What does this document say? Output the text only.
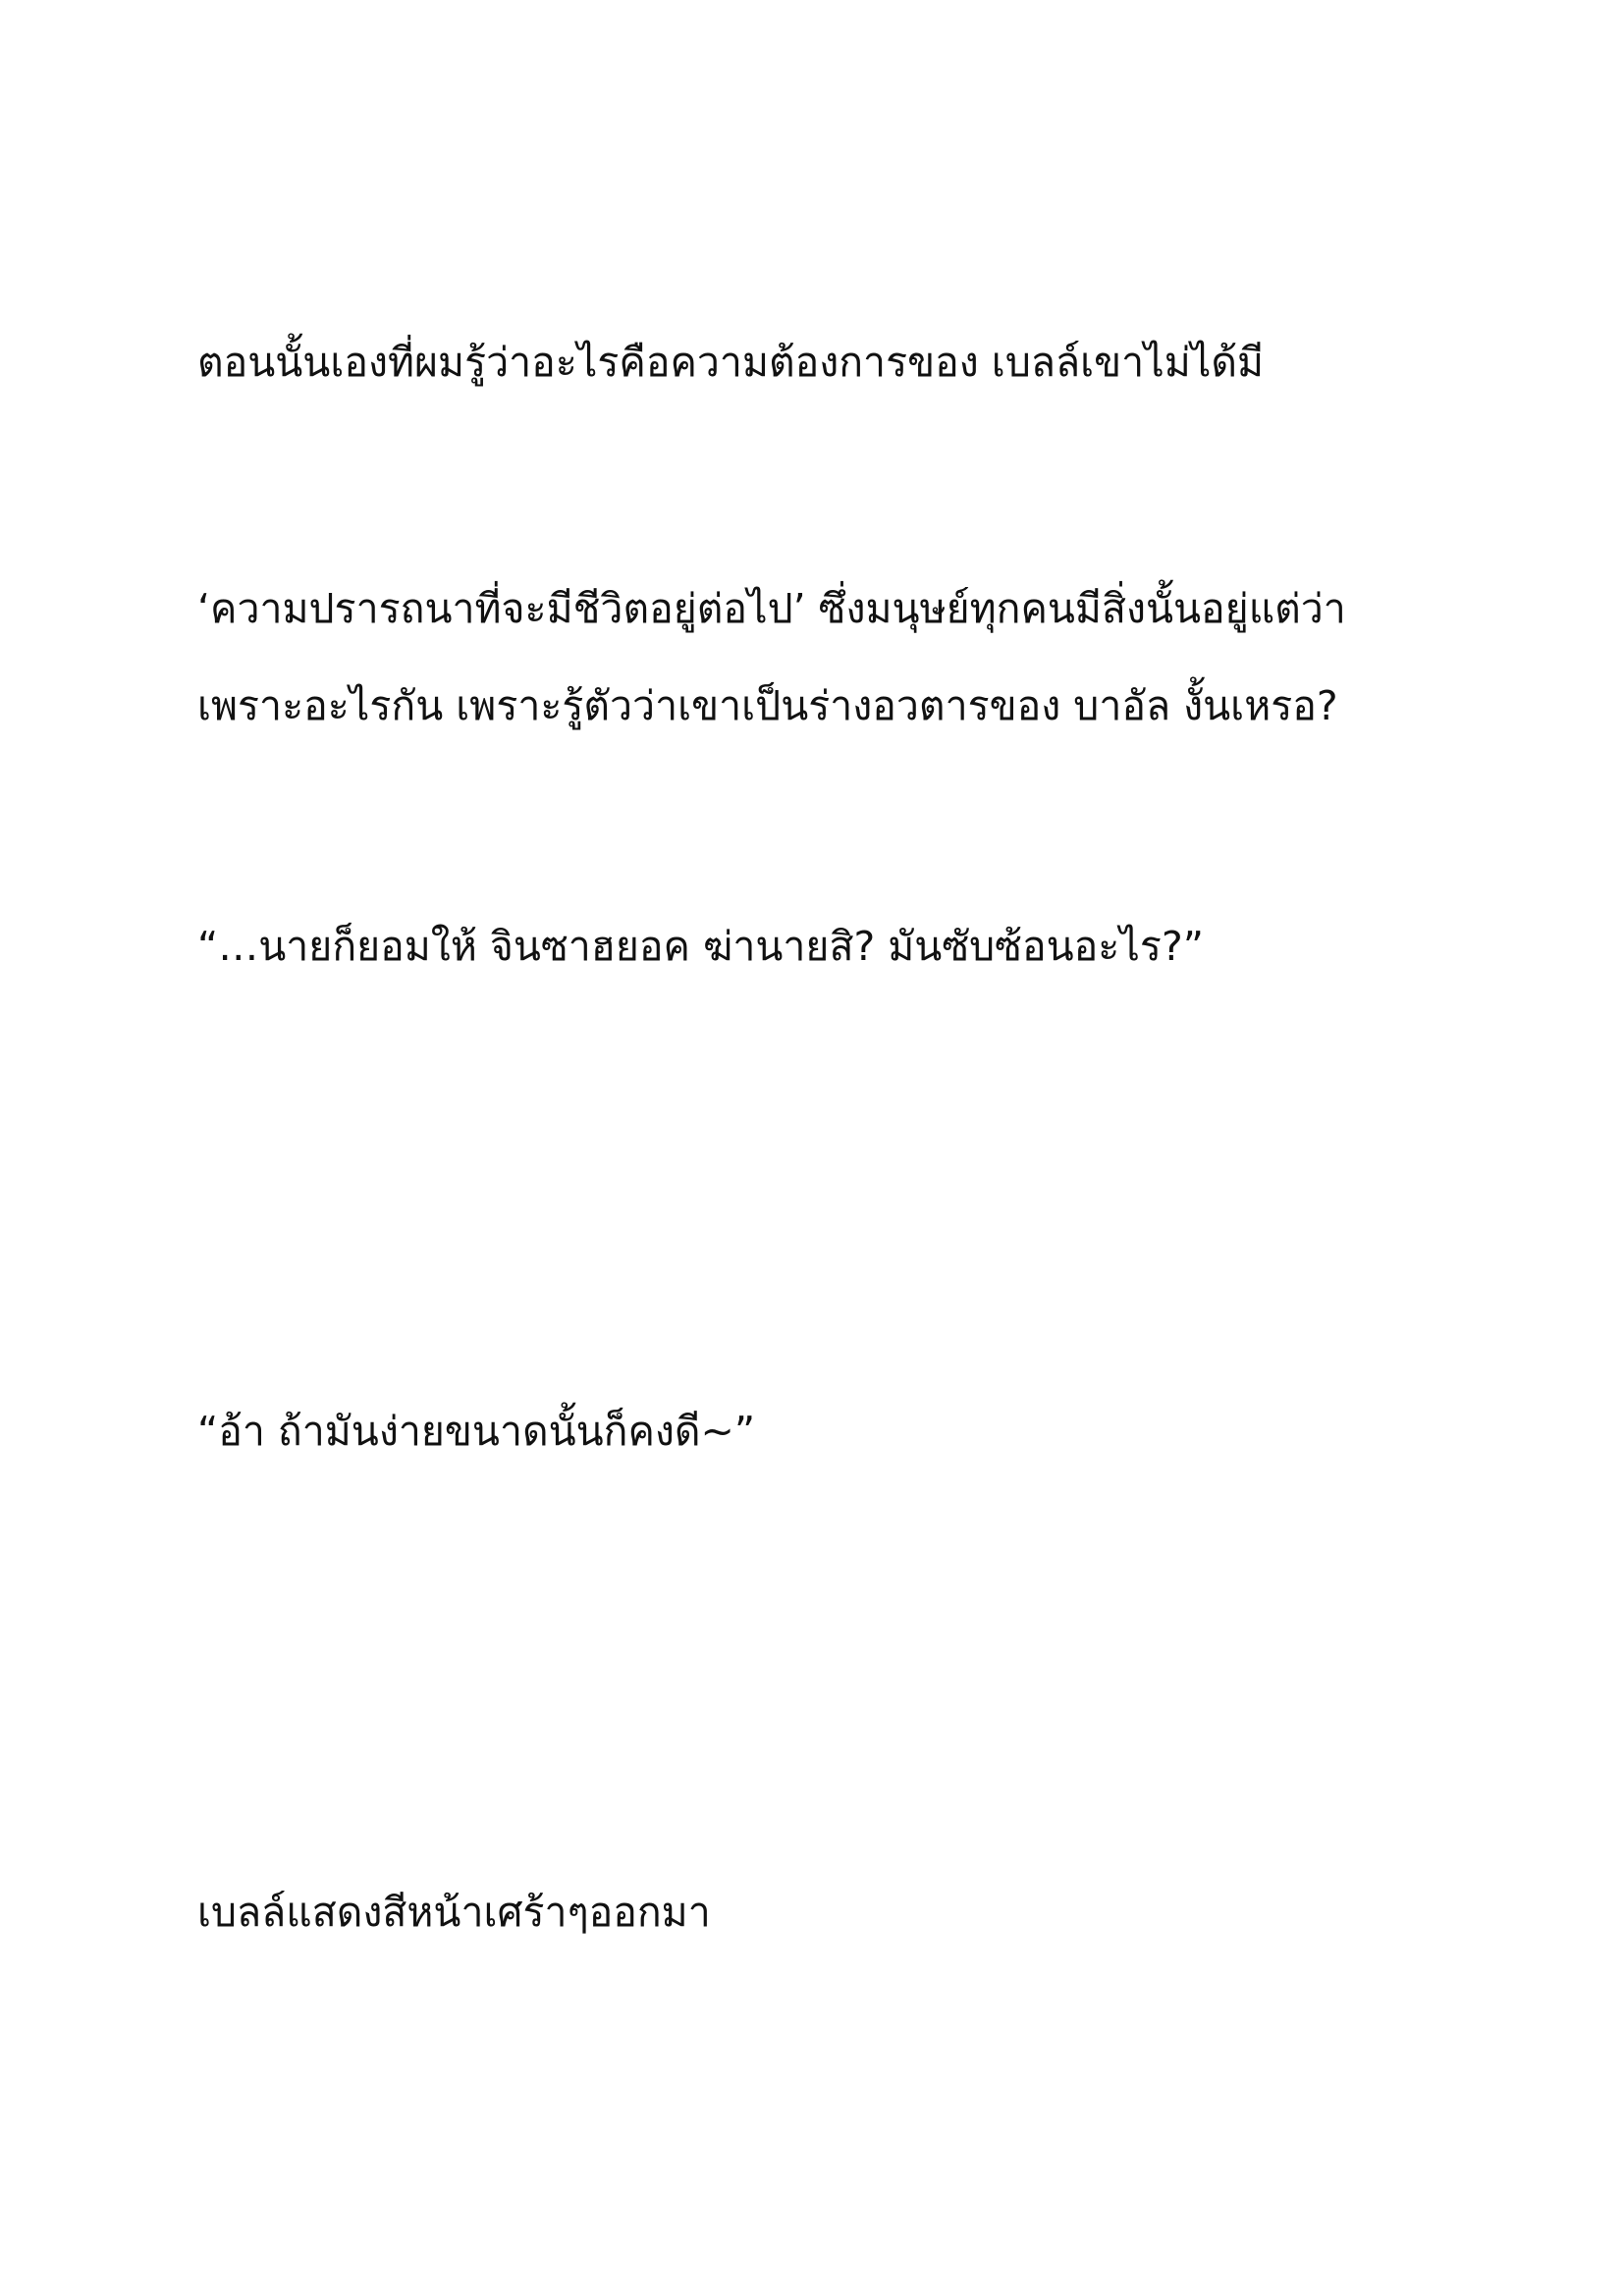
ตอนนั้นเองที่ผมรู้ว่าอะไรคือความต้องการของ เบลล์เขาไม่ได้มี
‘ความปรารถนาที่จะมีชีวิตอยู่ต่อไป’ ซึ่งมนุษย์ทุกคนมีสิ่งนั้นอยู่แต่ว่า
เพราะอะไรกัน เพราะรู้ตัวว่าเขาเป็นร่างอวตารของ บาอัล งั้นเหรอ?
“…นายก็ยอมให้ จินซาฮยอค ฆ่านายสิ? มันซับซ้อนอะไร?”
“อ้า ถ้ามันง่ายขนาดนั้นก็คงดี~”
เบลล์แสดงสีหน้าเศร้าๆออกมา
